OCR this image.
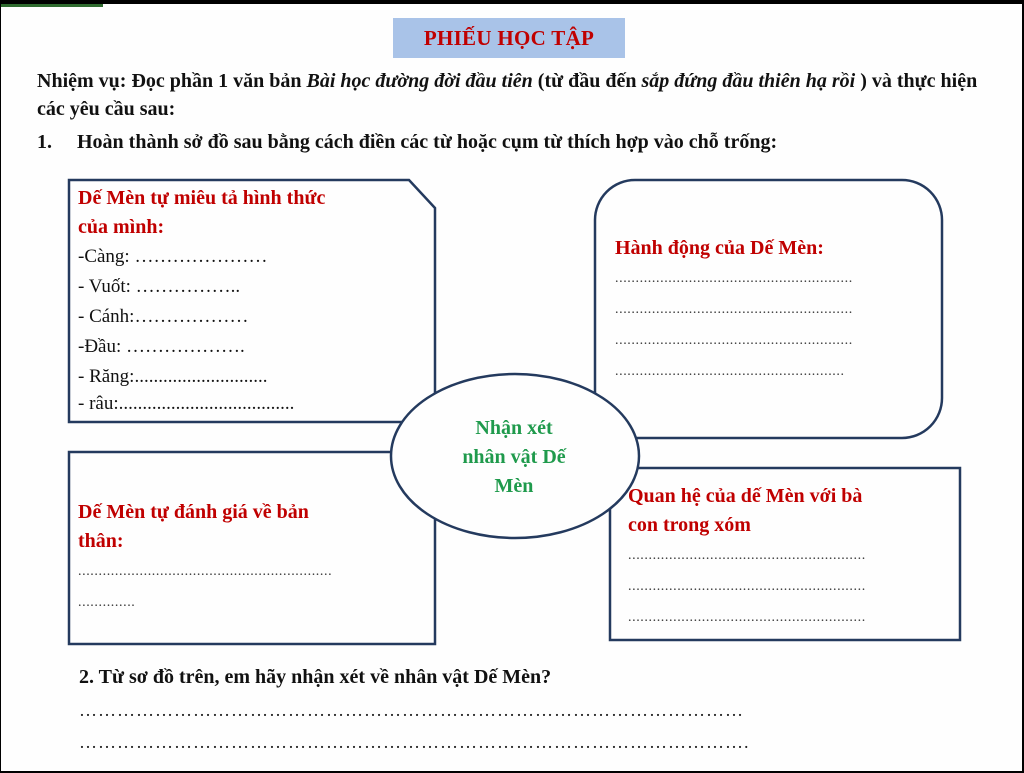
PHIẾU HỌC TẬP
Nhiệm vụ: Đọc phần 1 văn bản Bài học đường đời đầu tiên (từ đầu đến sắp đứng đầu thiên hạ rồi ) và thực hiện các yêu cầu sau:
1. Hoàn thành sở đồ sau bằng cách điền các từ hoặc cụm từ thích hợp vào chỗ trống:
Dế Mèn tự miêu tả hình thức
của mình:
-Càng: …………………
- Vuốt: ……………..
- Cánh:………………
-Đầu: ……………….
- Răng:............................
- râu:.....................................
Hành động của Dế Mèn:
..........................................................
..........................................................
..........................................................
........................................................
Dế Mèn tự đánh giá về bản
thân:
..............................................................
..............
Quan hệ của dế Mèn với bà
con trong xóm
..........................................................
..........................................................
..........................................................
Nhận xét
nhân vật Dế
Mèn
2. Từ sơ đồ trên, em hãy nhận xét về nhân vật Dế Mèn?
……………………………………………………………………………………………
…………………………………………………………………………………………….
